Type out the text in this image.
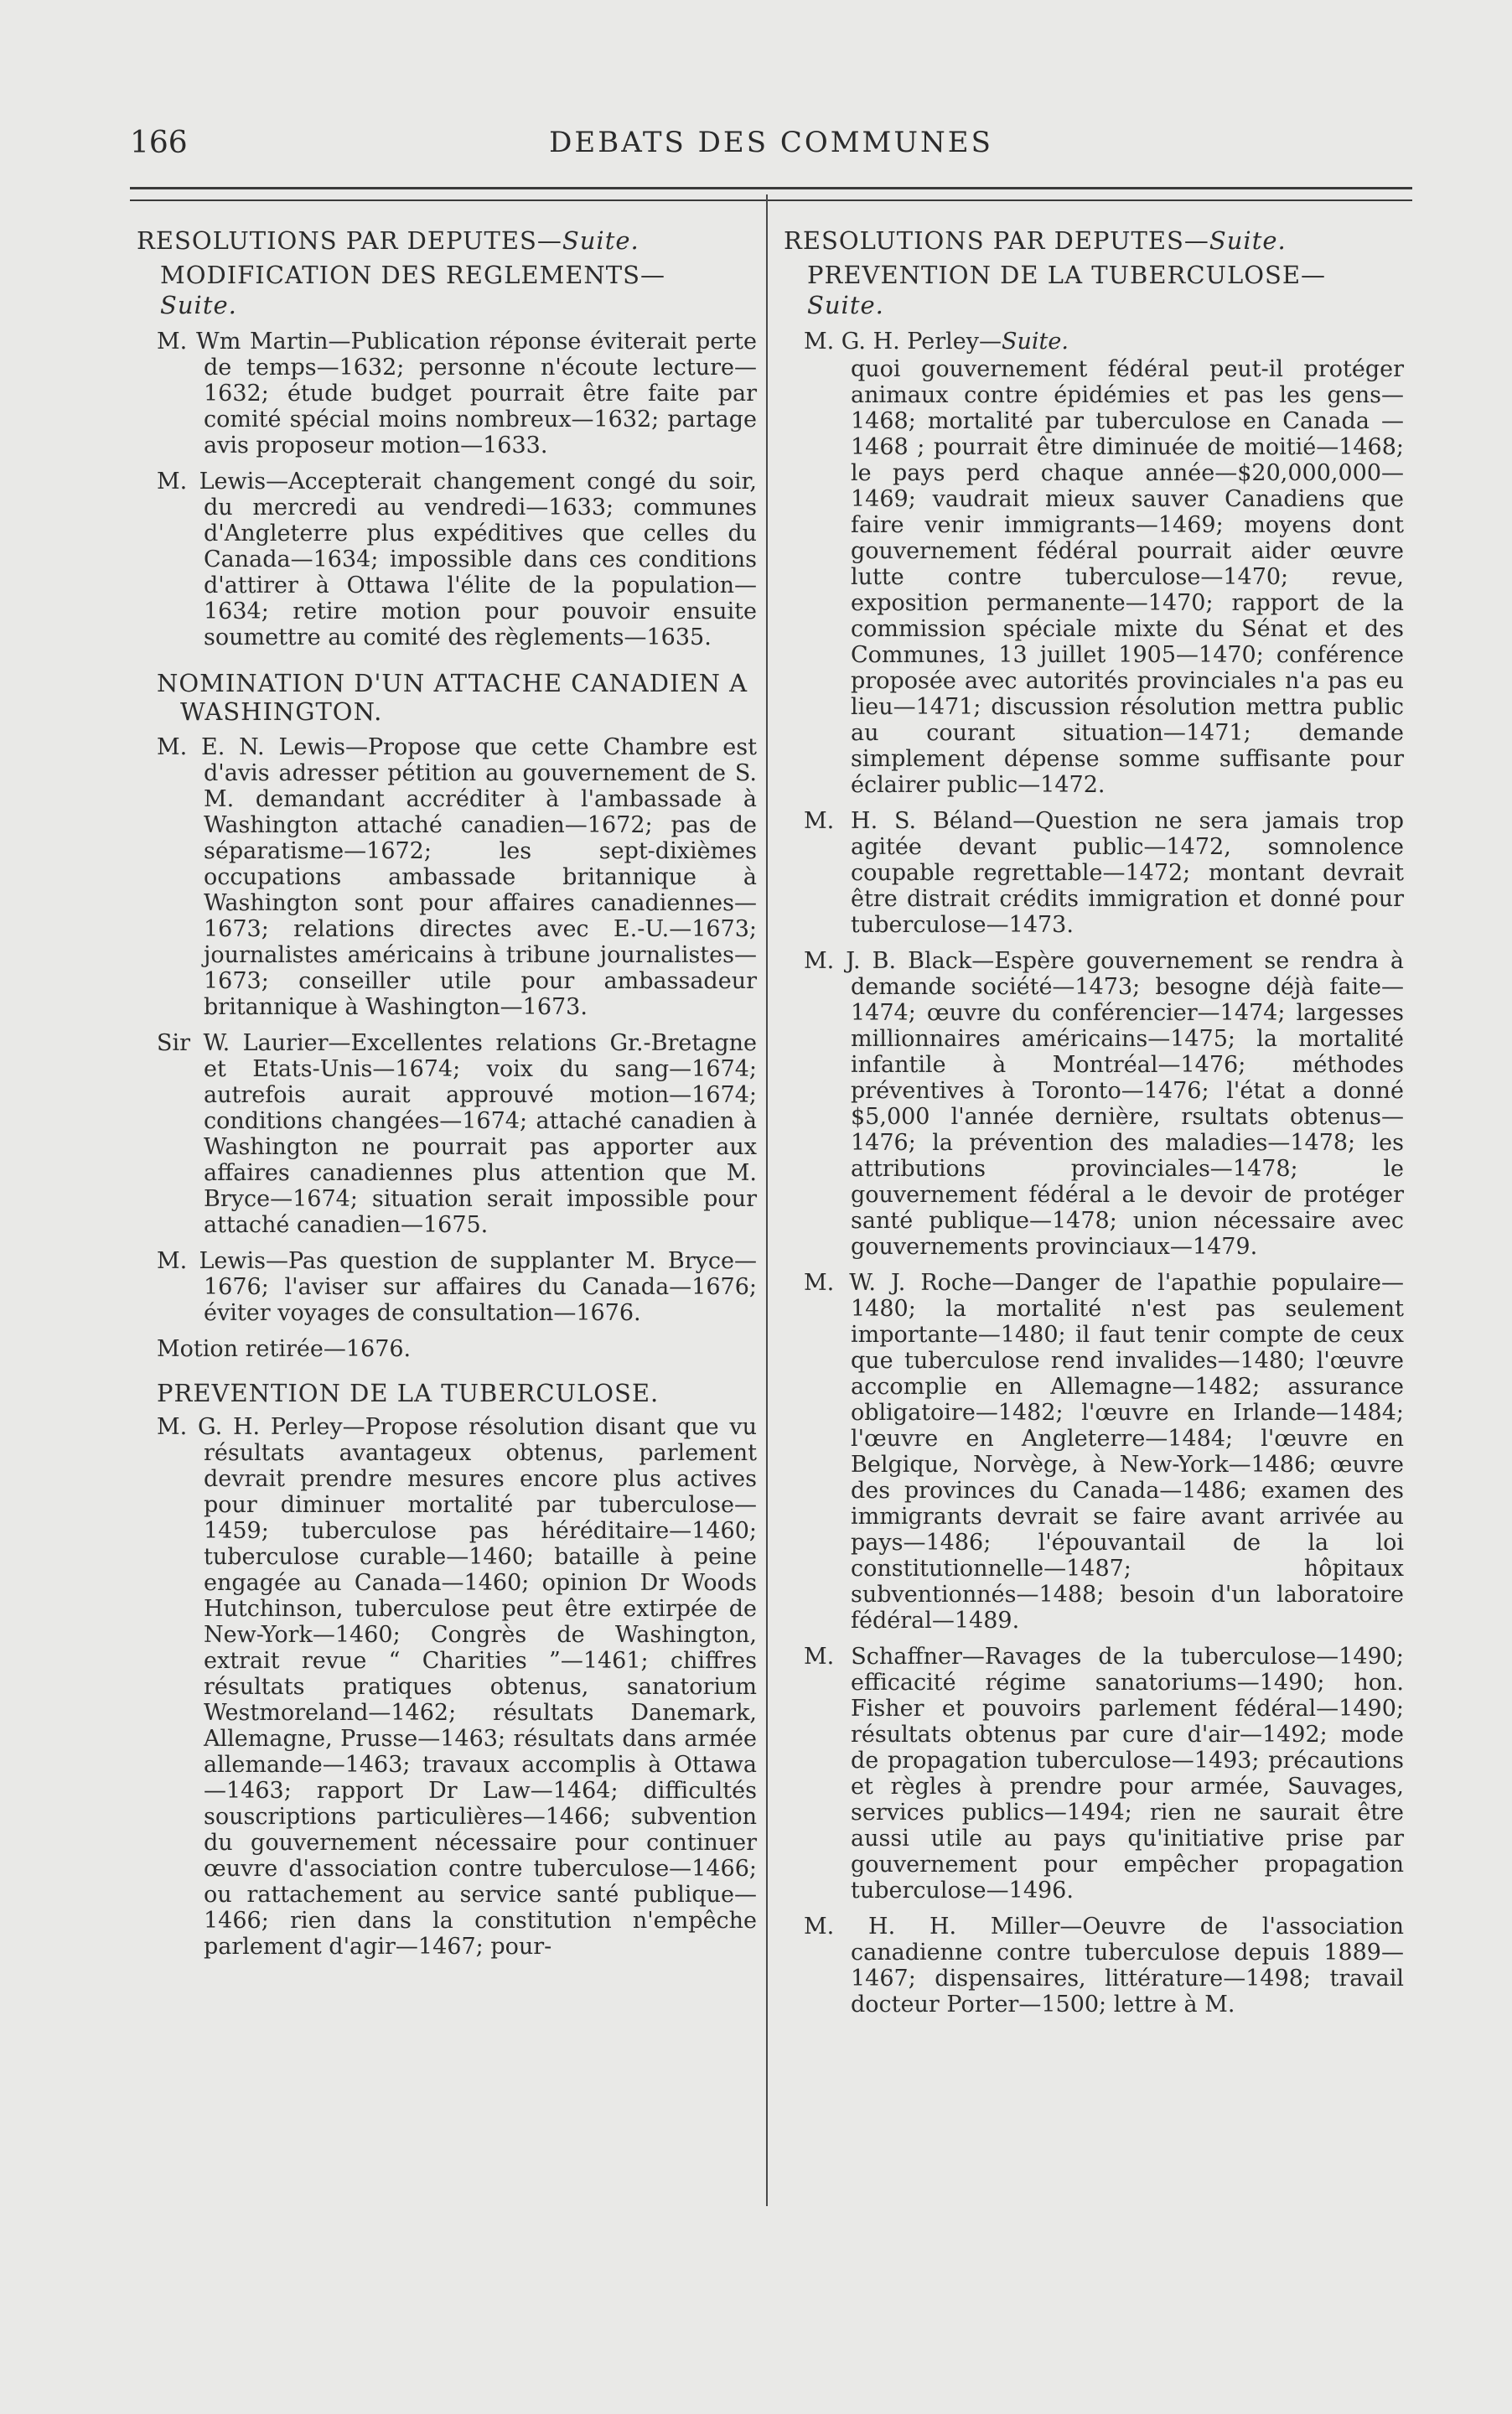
166	DEBATS DES COMMUNES

RESOLUTIONS PAR DEPUTES—Suite.

MODIFICATION DES REGLEMENTS—
Suite.

M. Wm Martin—Publication réponse éviterait perte de temps—1632; personne n'écoute lecture—1632; étude budget pourrait être faite par comité spécial moins nombreux—1632; partage avis proposeur motion—1633.

M. Lewis—Accepterait changement congé du soir, du mercredi au vendredi—1633; communes d'Angleterre plus expéditives que celles du Canada—1634; impossible dans ces conditions d'attirer à Ottawa l'élite de la population—1634; retire motion pour pouvoir ensuite soumettre au comité des règlements—1635.

NOMINATION D'UN ATTACHE CANADIEN A WASHINGTON.

M. E. N. Lewis—Propose que cette Chambre est d'avis adresser pétition au gouvernement de S. M. demandant accréditer à l'ambassade à Washington attaché canadien—1672; pas de séparatisme—1672; les sept-dixièmes occupations ambassade britannique à Washington sont pour affaires canadiennes—1673; relations directes avec E.-U.—1673; journalistes américains à tribune journalistes—1673; conseiller utile pour ambassadeur britannique à Washington—1673.

Sir W. Laurier—Excellentes relations Gr.-Bretagne et Etats-Unis—1674; voix du sang—1674; autrefois aurait approuvé motion—1674; conditions changées—1674; attaché canadien à Washington ne pourrait pas apporter aux affaires canadiennes plus attention que M. Bryce—1674; situation serait impossible pour attaché canadien—1675.

M. Lewis—Pas question de supplanter M. Bryce—1676; l'aviser sur affaires du Canada—1676; éviter voyages de consultation—1676.

Motion retirée—1676.

PREVENTION DE LA TUBERCULOSE.

M. G. H. Perley—Propose résolution disant que vu résultats avantageux obtenus, parlement devrait prendre mesures encore plus actives pour diminuer mortalité par tuberculose—1459; tuberculose pas héréditaire—1460; tuberculose curable—1460; bataille à peine engagée au Canada—1460; opinion Dr Woods Hutchinson, tuberculose peut être extirpée de New-York—1460; Congrès de Washington, extrait revue “ Charities ”—1461; chiffres résultats pratiques obtenus, sanatorium Westmoreland—1462; résultats Danemark, Allemagne, Prusse—1463; résultats dans armée allemande—1463; travaux accomplis à Ottawa—1463; rapport Dr Law—1464; difficultés souscriptions particulières—1466; subvention du gouvernement nécessaire pour continuer œuvre d'association contre tuberculose—1466; ou rattachement au service santé publique—1466; rien dans la constitution n'empêche parlement d'agir—1467; pour-

RESOLUTIONS PAR DEPUTES—Suite.

PREVENTION DE LA TUBERCULOSE—
Suite.

M. G. H. Perley—Suite.

quoi gouvernement fédéral peut-il protéger animaux contre épidémies et pas les gens—1468; mortalité par tuberculose en Canada — 1468 ; pourrait être diminuée de moitié—1468; le pays perd chaque année—$20,000,000—1469; vaudrait mieux sauver Canadiens que faire venir immigrants—1469; moyens dont gouvernement fédéral pourrait aider œuvre lutte contre tuberculose—1470; revue, exposition permanente—1470; rapport de la commission spéciale mixte du Sénat et des Communes, 13 juillet 1905—1470; conférence proposée avec autorités provinciales n'a pas eu lieu—1471; discussion résolution mettra public au courant situation—1471; demande simplement dépense somme suffisante pour éclairer public—1472.

M. H. S. Béland—Question ne sera jamais trop agitée devant public—1472, somnolence coupable regrettable—1472; montant devrait être distrait crédits immigration et donné pour tuberculose—1473.

M. J. B. Black—Espère gouvernement se rendra à demande société—1473; besogne déjà faite—1474; œuvre du conférencier—1474; largesses millionnaires américains—1475; la mortalité infantile à Montréal—1476; méthodes préventives à Toronto—1476; l'état a donné $5,000 l'année dernière, rsultats obtenus—1476; la prévention des maladies—1478; les attributions provinciales—1478; le gouvernement fédéral a le devoir de protéger santé publique—1478; union nécessaire avec gouvernements provinciaux—1479.

M. W. J. Roche—Danger de l'apathie populaire—1480; la mortalité n'est pas seulement importante—1480; il faut tenir compte de ceux que tuberculose rend invalides—1480; l'œuvre accomplie en Allemagne—1482; assurance obligatoire—1482; l'œuvre en Irlande—1484; l'œuvre en Angleterre—1484; l'œuvre en Belgique, Norvège, à New-York—1486; œuvre des provinces du Canada—1486; examen des immigrants devrait se faire avant arrivée au pays—1486; l'épouvantail de la loi constitutionnelle—1487; hôpitaux subventionnés—1488; besoin d'un laboratoire fédéral—1489.

M. Schaffner—Ravages de la tuberculose—1490; efficacité régime sanatoriums—1490; hon. Fisher et pouvoirs parlement fédéral—1490; résultats obtenus par cure d'air—1492; mode de propagation tuberculose—1493; précautions et règles à prendre pour armée, Sauvages, services publics—1494; rien ne saurait être aussi utile au pays qu'initiative prise par gouvernement pour empêcher propagation tuberculose—1496.

M. H. H. Miller—Oeuvre de l'association canadienne contre tuberculose depuis 1889—1467; dispensaires, littérature—1498; travail docteur Porter—1500; lettre à M.
